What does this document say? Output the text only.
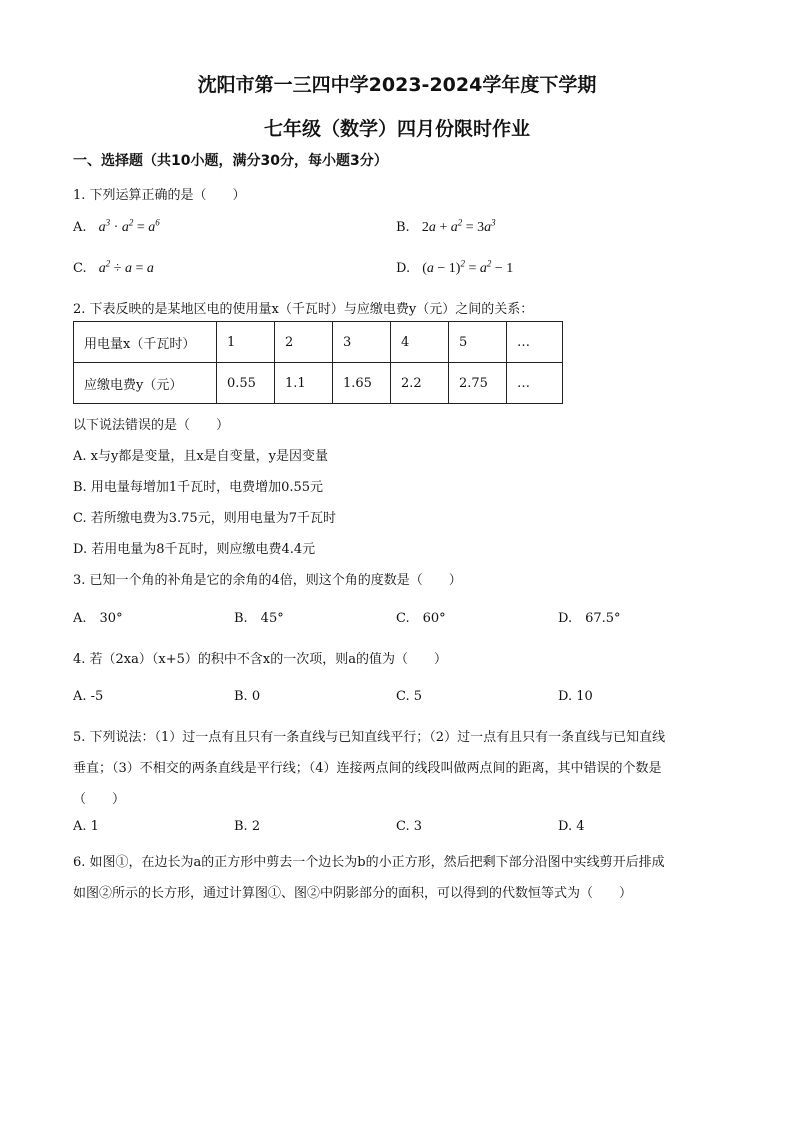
沈阳市第一三四中学2023-2024学年度下学期
七年级（数学）四月份限时作业
一、选择题（共10小题，满分30分，每小题3分）
1. 下列运算正确的是（　　）
A. $a^3 \cdot a^2 = a^6$	B. $2a + a^2 = 3a^3$
C. $a^2 \div a = a$	D. $(a - 1)^2 = a^2 - 1$
2. 下表反映的是某地区电的使用量x（千瓦时）与应缴电费y（元）之间的关系：
用电量x（千瓦时）	1	2	3	4	5	…
应缴电费y（元）	0.55	1.1	1.65	2.2	2.75	…
以下说法错误的是（　　）
A. x与y都是变量，且x是自变量，y是因变量
B. 用电量每增加1千瓦时，电费增加0.55元
C. 若所缴电费为3.75元，则用电量为7千瓦时
D. 若用电量为8千瓦时，则应缴电费4.4元
3. 已知一个角的补角是它的余角的4倍，则这个角的度数是（　　）
A.　30°	B.　45°	C.　60°	D.　67.5°
4. 若（2xa）（x+5）的积中不含x的一次项，则a的值为（　　）
A. -5	B. 0	C. 5	D. 10
5. 下列说法：（1）过一点有且只有一条直线与已知直线平行；（2）过一点有且只有一条直线与已知直线
垂直；（3）不相交的两条直线是平行线；（4）连接两点间的线段叫做两点间的距离，其中错误的个数是
（　　）
A. 1	B. 2	C. 3	D. 4
6. 如图①，在边长为a的正方形中剪去一个边长为b的小正方形，然后把剩下部分沿图中实线剪开后排成
如图②所示的长方形，通过计算图①、图②中阴影部分的面积，可以得到的代数恒等式为（　　）
